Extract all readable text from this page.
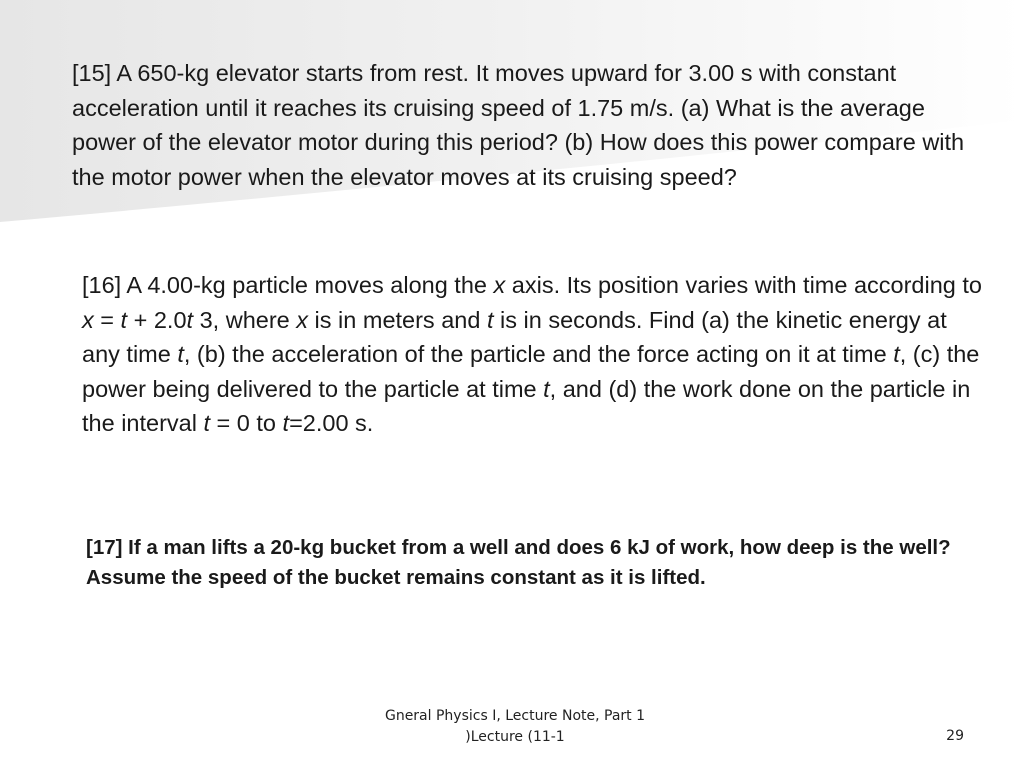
[15] A 650-kg elevator starts from rest. It moves upward for 3.00 s with constant acceleration until it reaches its cruising speed of 1.75 m/s. (a) What is the average power of the elevator motor during this period? (b) How does this power compare with the motor power when the elevator moves at its cruising speed?

[16] A 4.00-kg particle moves along the x axis. Its position varies with time according to x = t + 2.0t 3, where x is in meters and t is in seconds. Find (a) the kinetic energy at any time t, (b) the acceleration of the particle and the force acting on it at time t, (c) the power being delivered to the particle at time t, and (d) the work done on the particle in the interval t = 0 to t=2.00 s.

[17] If a man lifts a 20-kg bucket from a well and does 6 kJ of work, how deep is the well? Assume the speed of the bucket remains constant as it is lifted.

Gneral Physics I, Lecture Note, Part 1
)Lecture (11-1	29
